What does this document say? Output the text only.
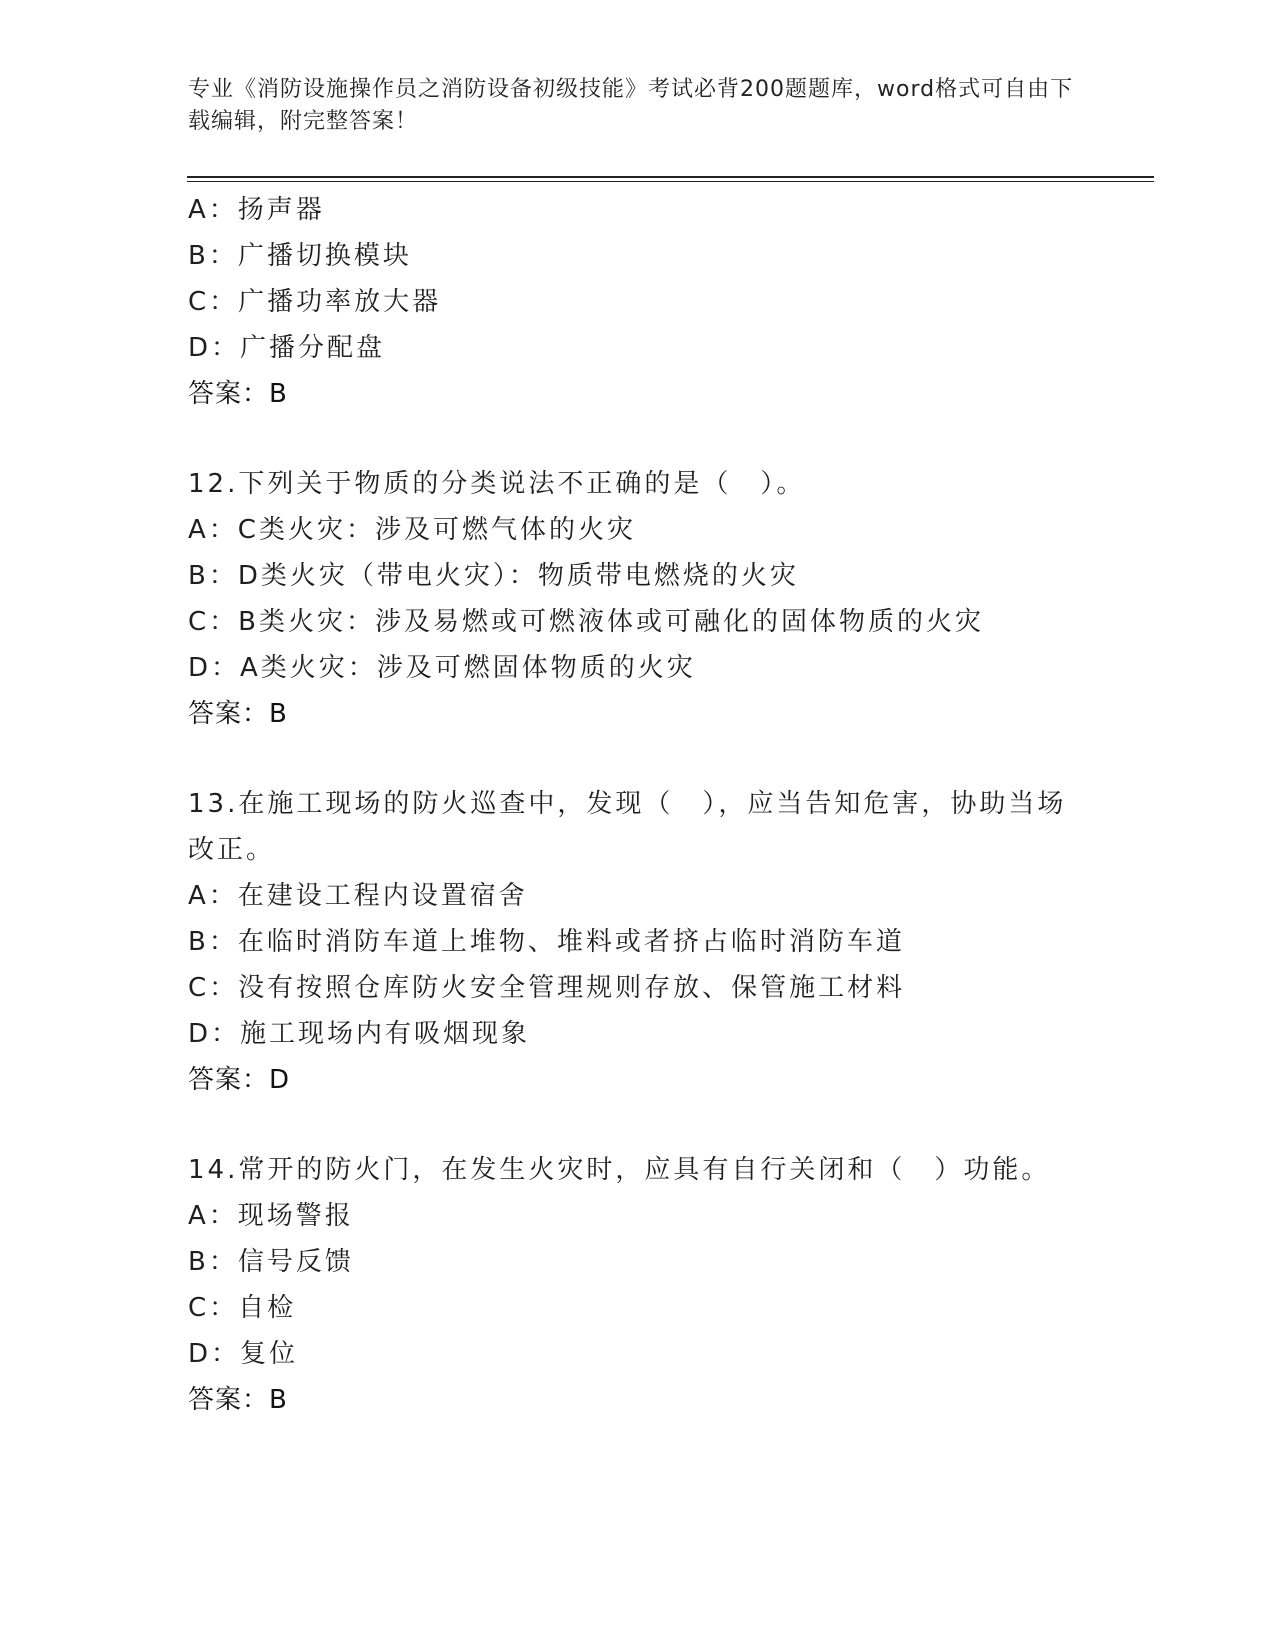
专业《消防设施操作员之消防设备初级技能》考试必背200题题库，word格式可自由下载编辑，附完整答案！
A：扬声器
B：广播切换模块
C：广播功率放大器
D：广播分配盘
答案：B
12.下列关于物质的分类说法不正确的是（　）。
A：C类火灾：涉及可燃气体的火灾
B：D类火灾（带电火灾）：物质带电燃烧的火灾
C：B类火灾：涉及易燃或可燃液体或可融化的固体物质的火灾
D：A类火灾：涉及可燃固体物质的火灾
答案：B
13.在施工现场的防火巡查中，发现（　），应当告知危害，协助当场
改正。
A：在建设工程内设置宿舍
B：在临时消防车道上堆物、堆料或者挤占临时消防车道
C：没有按照仓库防火安全管理规则存放、保管施工材料
D：施工现场内有吸烟现象
答案：D
14.常开的防火门，在发生火灾时，应具有自行关闭和（　）功能。
A：现场警报
B：信号反馈
C：自检
D：复位
答案：B
